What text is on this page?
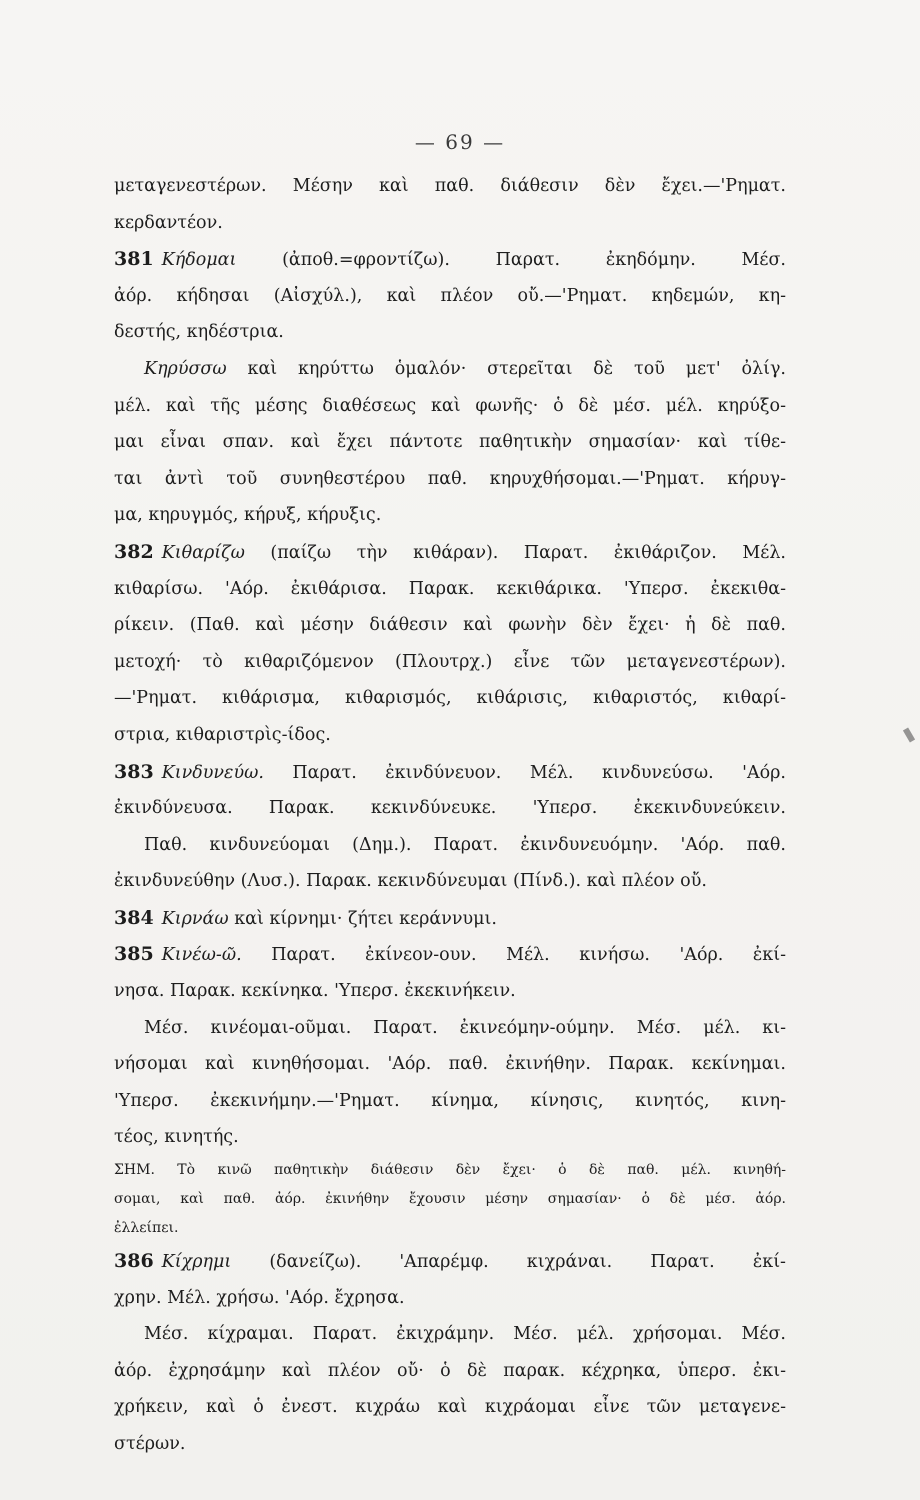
— 69 —
μεταγενεστέρων. Μέσην καὶ παθ. διάθεσιν δὲν ἔχει.—'Ρηματ.
κερδαντέον.
381 Κήδομαι	(ἀποθ.=φροντίζω). Παρατ. ἐκηδόμην. Μέσ.
ἀόρ. κήδησαι (Αἰσχύλ.), καὶ πλέον οὔ.—'Ρηματ. κηδεμών, κη-
δεστής, κηδέστρια.
Κηρύσσω καὶ κηρύττω ὁμαλόν· στερεῖται δὲ τοῦ μετ' ὀλίγ.
μέλ. καὶ τῆς μέσης διαθέσεως καὶ φωνῆς· ὁ δὲ μέσ. μέλ. κηρύξο-
μαι εἶναι σπαν. καὶ ἔχει πάντοτε παθητικὴν σημασίαν· καὶ τίθε-
ται ἀντὶ τοῦ συνηθεστέρου παθ. κηρυχθήσομαι.—'Ρηματ. κήρυγ-
μα, κηρυγμός, κήρυξ, κήρυξις.
382 Κιθαρίζω (παίζω τὴν κιθάραν). Παρατ. ἐκιθάριζον. Μέλ.
κιθαρίσω. 'Αόρ. ἐκιθάρισα. Παρακ. κεκιθάρικα. 'Υπερσ. ἐκεκιθα-
ρίκειν. (Παθ. καὶ μέσην διάθεσιν καὶ φωνὴν δὲν ἔχει· ἡ δὲ παθ.
μετοχή· τὸ κιθαριζόμενον (Πλουτρχ.) εἶνε τῶν μεταγενεστέρων).
—'Ρηματ. κιθάρισμα, κιθαρισμός, κιθάρισις, κιθαριστός, κιθαρί-
στρια, κιθαριστρὶς-ίδος.
383 Κινδυνεύω. Παρατ. ἐκινδύνευον. Μέλ. κινδυνεύσω. 'Αόρ.
ἐκινδύνευσα. Παρακ. κεκινδύνευκε. 'Υπερσ. ἐκεκινδυνεύκειν.
Παθ. κινδυνεύομαι (Δημ.). Παρατ. ἐκινδυνευόμην. 'Αόρ. παθ.
ἐκινδυνεύθην (Λυσ.). Παρακ. κεκινδύνευμαι (Πίνδ.). καὶ πλέον οὔ.
384 Κιρνάω καὶ κίρνημι· ζήτει κεράννυμι.
385 Κινέω-ῶ. Παρατ. ἐκίνεον-ουν. Μέλ. κινήσω. 'Αόρ. ἐκί-
νησα. Παρακ. κεκίνηκα. 'Υπερσ. ἐκεκινήκειν.
Μέσ. κινέομαι-οῦμαι. Παρατ. ἐκινεόμην-ούμην. Μέσ. μέλ. κι-
νήσομαι καὶ κινηθήσομαι. 'Αόρ. παθ. ἐκινήθην. Παρακ. κεκίνημαι.
'Υπερσ. ἐκεκινήμην.—'Ρηματ. κίνημα, κίνησις, κινητός, κινη-
τέος, κινητής.
ΣΗΜ. Τὸ κινῶ παθητικὴν διάθεσιν δὲν ἔχει· ὁ δὲ παθ. μέλ. κινηθή-
σομαι, καὶ παθ. ἀόρ. ἐκινήθην ἔχουσιν μέσην σημασίαν· ὁ δὲ μέσ. ἀόρ.
ἐλλείπει.
386 Κίχρημι (δανείζω). 'Απαρέμφ. κιχράναι. Παρατ. ἐκί-
χρην. Μέλ. χρήσω. 'Αόρ. ἔχρησα.
Μέσ. κίχραμαι. Παρατ. ἐκιχράμην. Μέσ. μέλ. χρήσομαι. Μέσ.
ἀόρ. ἐχρησάμην καὶ πλέον οὔ· ὁ δὲ παρακ. κέχρηκα, ὑπερσ. ἐκι-
χρήκειν, καὶ ὁ ἐνεστ. κιχράω καὶ κιχράομαι εἶνε τῶν μεταγενε-
στέρων.
